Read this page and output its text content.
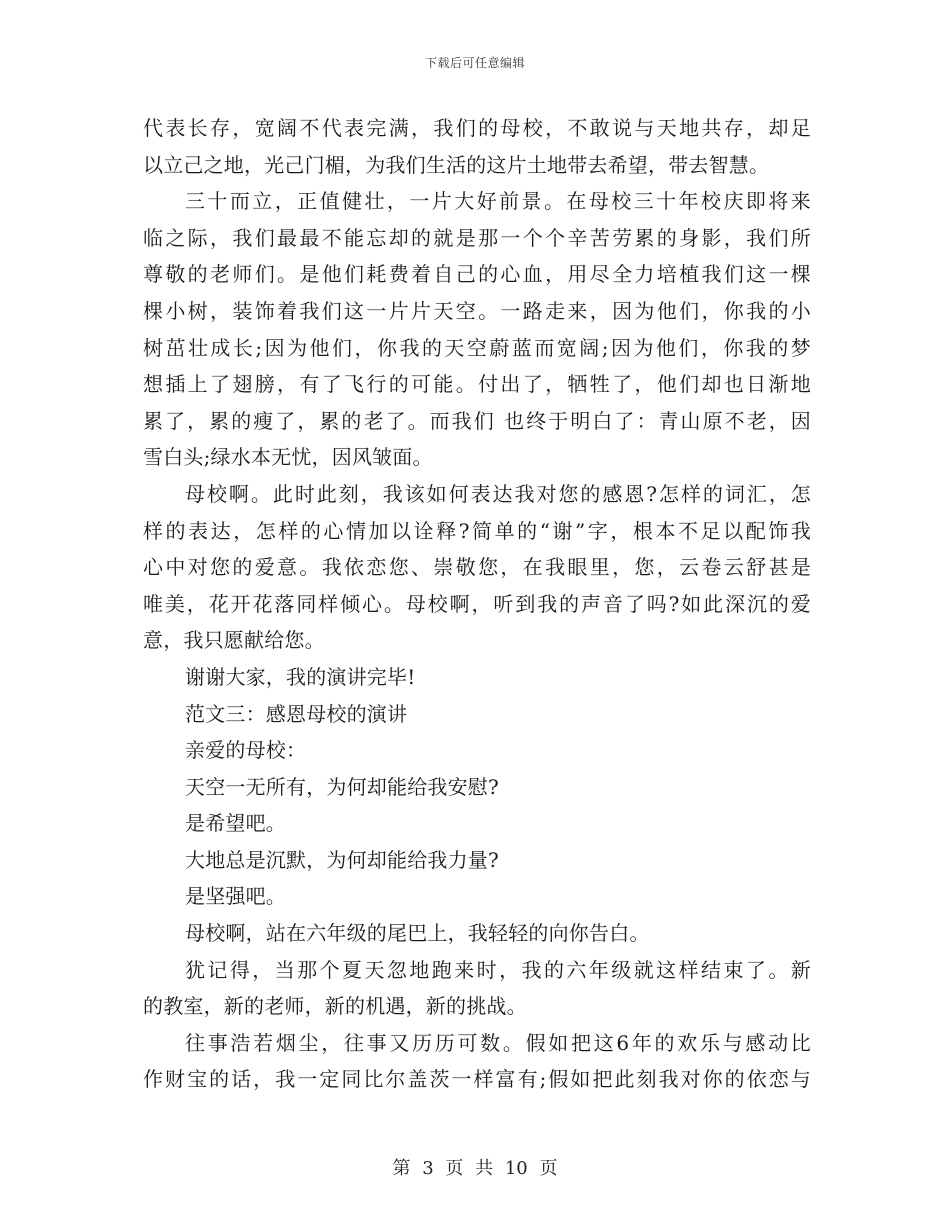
下载后可任意编辑
代表长存，宽阔不代表完满，我们的母校，不敢说与天地共存，却足
以立己之地，光己门楣，为我们生活的这片土地带去希望，带去智慧。
三十而立，正值健壮，一片大好前景。在母校三十年校庆即将来
临之际，我们最最不能忘却的就是那一个个辛苦劳累的身影，我们所
尊敬的老师们。是他们耗费着自己的心血，用尽全力培植我们这一棵
棵小树，装饰着我们这一片片天空。一路走来，因为他们，你我的小
树茁壮成长;因为他们，你我的天空蔚蓝而宽阔;因为他们，你我的梦
想插上了翅膀，有了飞行的可能。付出了，牺牲了，他们却也日渐地
累了，累的瘦了，累的老了。而我们 也终于明白了：青山原不老，因
雪白头;绿水本无忧，因风皱面。
母校啊。此时此刻，我该如何表达我对您的感恩?怎样的词汇，怎
样的表达，怎样的心情加以诠释?简单的“谢”字，根本不足以配饰我
心中对您的爱意。我依恋您、崇敬您，在我眼里，您，云卷云舒甚是
唯美，花开花落同样倾心。母校啊，听到我的声音了吗?如此深沉的爱
意，我只愿献给您。
谢谢大家，我的演讲完毕!
范文三：感恩母校的演讲
亲爱的母校：
天空一无所有，为何却能给我安慰?
是希望吧。
大地总是沉默，为何却能给我力量?
是坚强吧。
母校啊，站在六年级的尾巴上，我轻轻的向你告白。
犹记得，当那个夏天忽地跑来时，我的六年级就这样结束了。新
的教室，新的老师，新的机遇，新的挑战。
往事浩若烟尘，往事又历历可数。假如把这6年的欢乐与感动比
作财宝的话，我一定同比尔盖茨一样富有;假如把此刻我对你的依恋与
第 3 页 共 10 页
